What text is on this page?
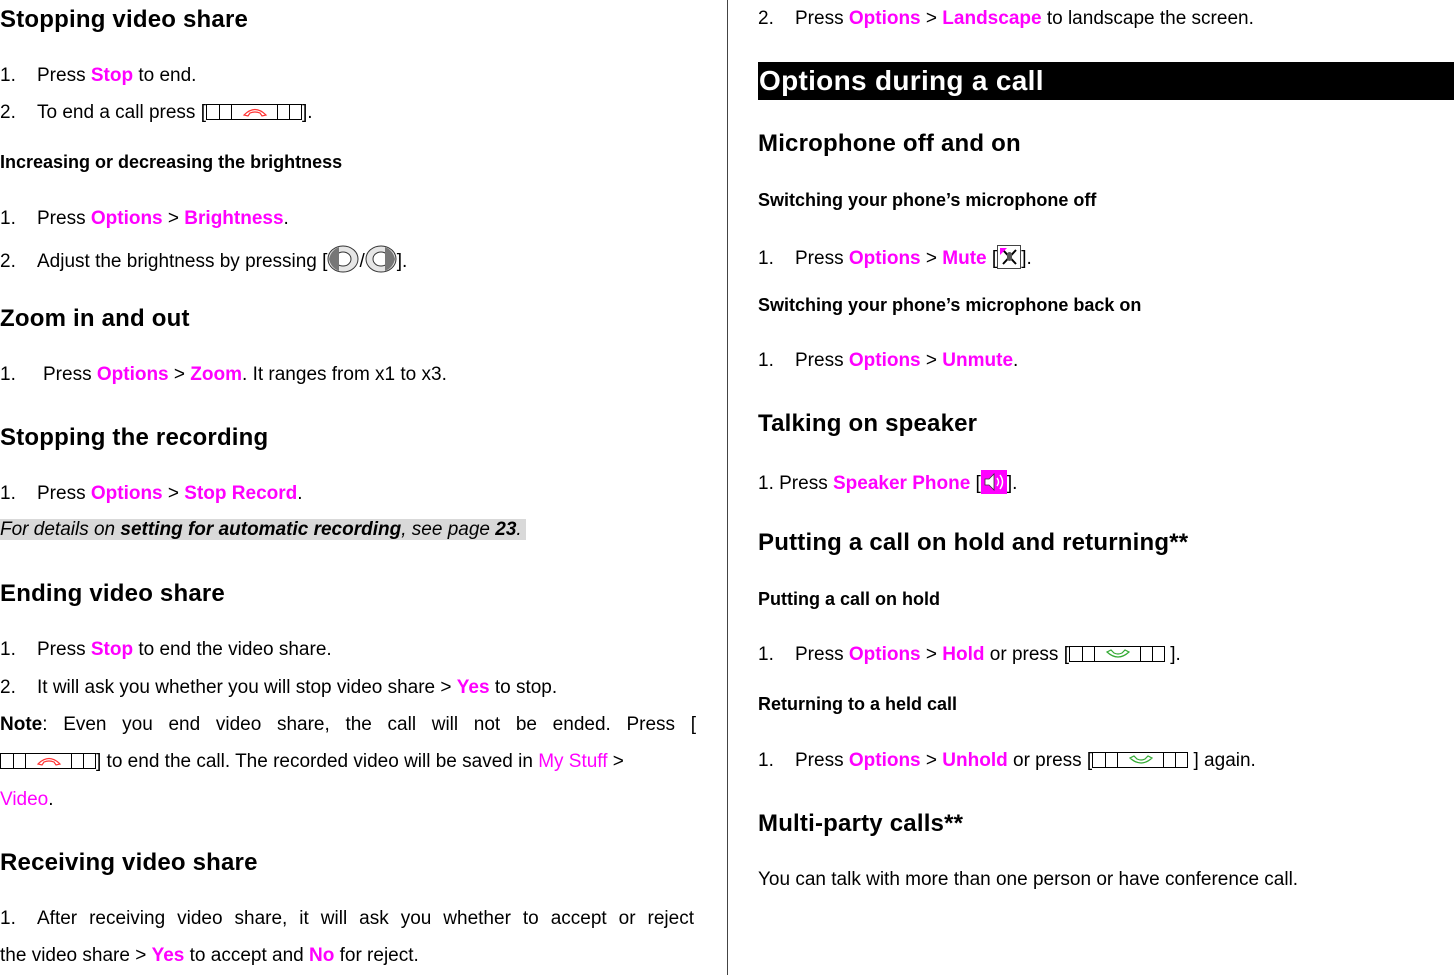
Stopping video share
1. Press Stop to end.
2. To end a call press [	].
Increasing or decreasing the brightness
1. Press Options > Brightness.
2. Adjust the brightness by pressing [ / ].
Zoom in and out
1. Press Options > Zoom. It ranges from x1 to x3.
Stopping the recording
1. Press Options > Stop Record.
For details on setting for automatic recording, see page 23.
Ending video share
1. Press Stop to end the video share.
2. It will ask you whether you will stop video share > Yes to stop.
Note: Even you end video share, the call will not be ended. Press [
] to end the call. The recorded video will be saved in My Stuff >
Video.
Receiving video share
1. After receiving video share, it will ask you whether to accept or reject
the video share > Yes to accept and No for reject.
2. Press Options > Landscape to landscape the screen.
Options during a call
Microphone off and on
Switching your phone’s microphone off
1. Press Options > Mute [ ].
Switching your phone’s microphone back on
1. Press Options > Unmute.
Talking on speaker
1. Press Speaker Phone [ ].
Putting a call on hold and returning**
Putting a call on hold
1. Press Options > Hold or press [	].
Returning to a held call
1. Press Options > Unhold or press [	] again.
Multi-party calls**
You can talk with more than one person or have conference call.
